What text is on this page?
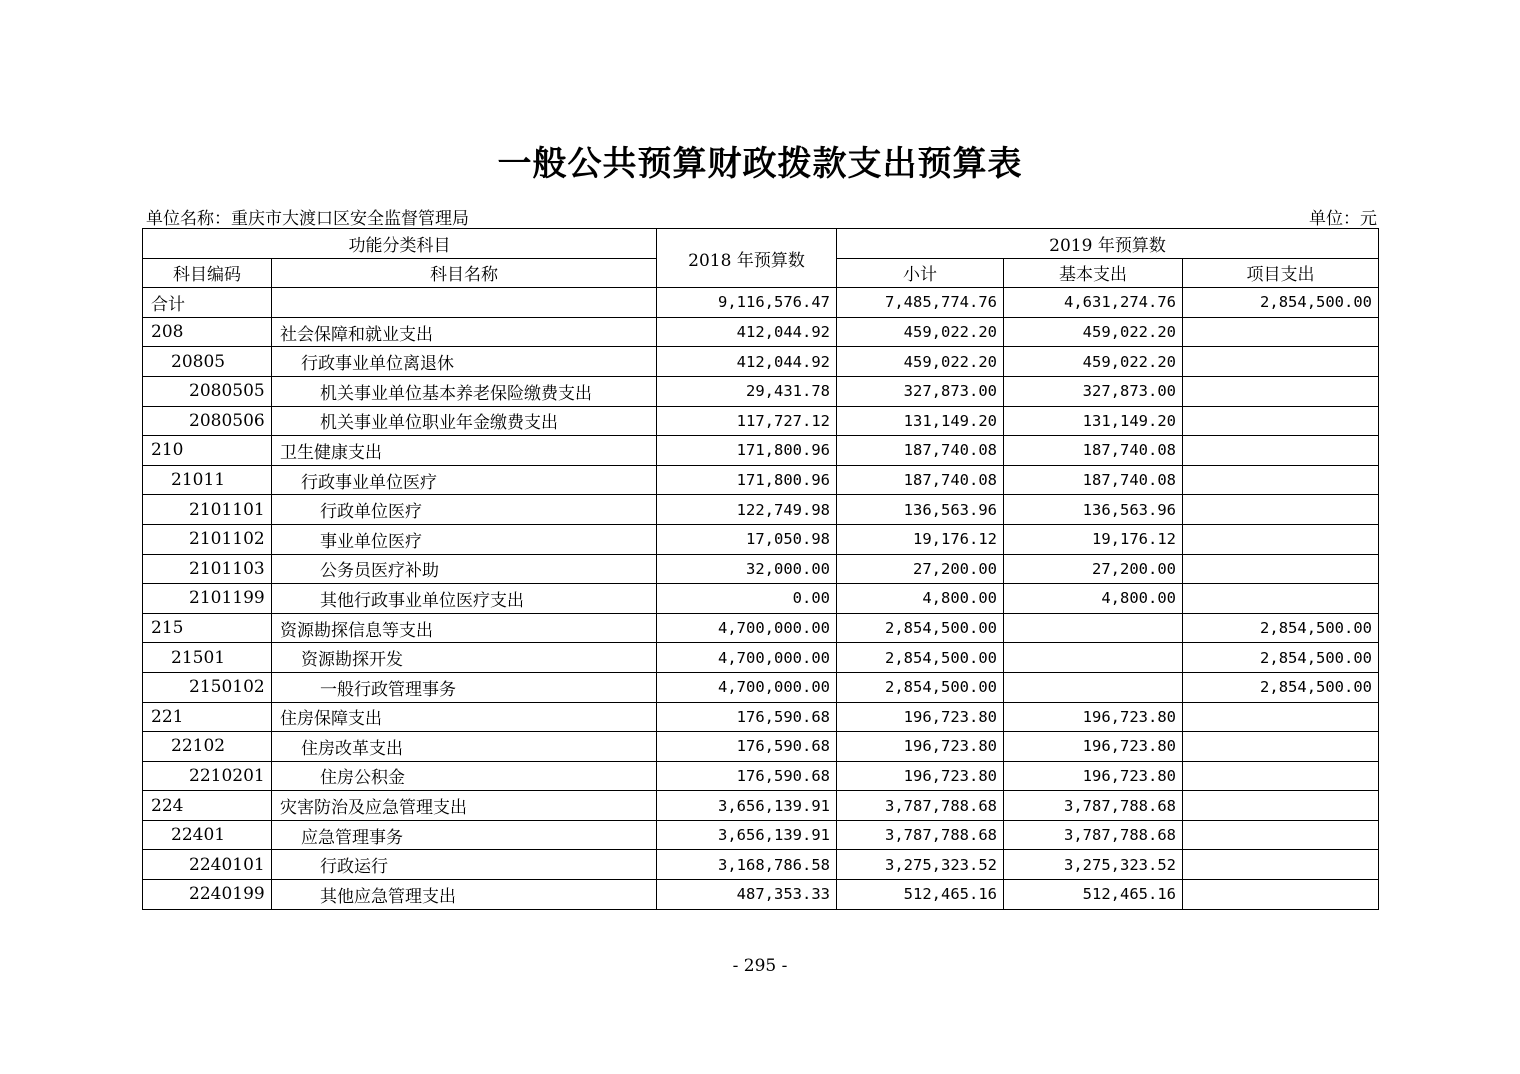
一般公共预算财政拨款支出预算表
单位名称：重庆市大渡口区安全监督管理局	单位：元
功能分类科目		2018 年预算数	2019 年预算数		
科目编码	科目名称		小计	基本支出	项目支出
合计		9,116,576.47	7,485,774.76	4,631,274.76	2,854,500.00
208	社会保障和就业支出	412,044.92	459,022.20	459,022.20	
20805	行政事业单位离退休	412,044.92	459,022.20	459,022.20	
2080505	机关事业单位基本养老保险缴费支出	29,431.78	327,873.00	327,873.00	
2080506	机关事业单位职业年金缴费支出	117,727.12	131,149.20	131,149.20	
210	卫生健康支出	171,800.96	187,740.08	187,740.08	
21011	行政事业单位医疗	171,800.96	187,740.08	187,740.08	
2101101	行政单位医疗	122,749.98	136,563.96	136,563.96	
2101102	事业单位医疗	17,050.98	19,176.12	19,176.12	
2101103	公务员医疗补助	32,000.00	27,200.00	27,200.00	
2101199	其他行政事业单位医疗支出	0.00	4,800.00	4,800.00	
215	资源勘探信息等支出	4,700,000.00	2,854,500.00		2,854,500.00
21501	资源勘探开发	4,700,000.00	2,854,500.00		2,854,500.00
2150102	一般行政管理事务	4,700,000.00	2,854,500.00		2,854,500.00
221	住房保障支出	176,590.68	196,723.80	196,723.80	
22102	住房改革支出	176,590.68	196,723.80	196,723.80	
2210201	住房公积金	176,590.68	196,723.80	196,723.80	
224	灾害防治及应急管理支出	3,656,139.91	3,787,788.68	3,787,788.68	
22401	应急管理事务	3,656,139.91	3,787,788.68	3,787,788.68	
2240101	行政运行	3,168,786.58	3,275,323.52	3,275,323.52	
2240199	其他应急管理支出	487,353.33	512,465.16	512,465.16	
- 295 -
